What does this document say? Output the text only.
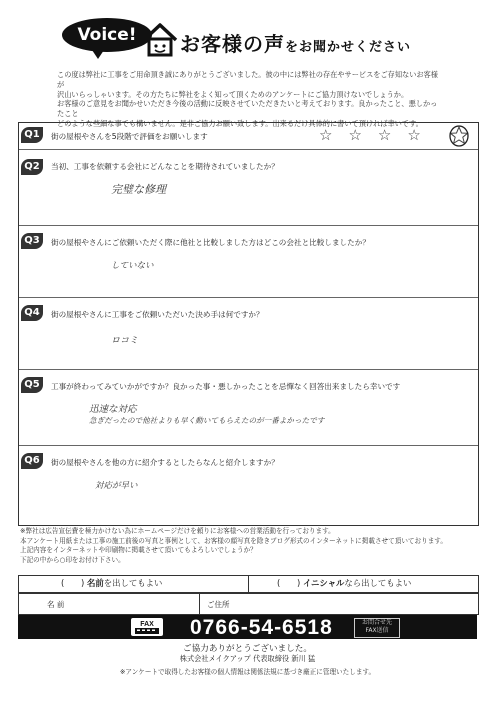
Voice!	お客様の声をお聞かせください
この度は弊社に工事をご用命頂き誠にありがとうございました。彼の中には弊社の存在やサービスをご存知ないお客様が
沢山いらっしゃいます。その方たちに弊社をよく知って頂くためのアンケートにご協力頂けないでしょうか。
お客様のご意見をお聞かせいただき今後の活動に反映させていただきたいと考えております。良かったこと、悪しかったこと
どのような些細な事でも構いません。是非ご協力お願い致します。出来るだけ具体的に書いて頂ければ幸いです。
Q1	街の屋根やさんを5段階で評価をお願いします	☆☆☆☆
Q2	当初、工事を依頼する会社にどんなことを期待されていましたか？
完璧な修理
Q3	街の屋根やさんにご依頼いただく際に他社と比較しました方はどこの会社と比較しましたか？
していない
Q4	街の屋根やさんに工事をご依頼いただいた決め手は何ですか？
ロコミ
Q5	工事が終わってみていかがですか？良かった事・悪しかったことを忌憚なく回答出来ましたら幸いです
迅速な対応
急ぎだったので他社よりも早く動いてもらえたのが一番よかったです
Q6	街の屋根やさんを他の方に紹介するとしたらなんと紹介しますか？
対応が早い
※弊社は広告宣伝費を極力かけない為にホームページだけを頼りにお客様への営業活動を行っております。
本アンケート用紙または工事の施工前後の写真と事例として、お客様の顔写真を除きブログ形式のインターネットに掲載させて頂いております。
上記内容をインターネットや印刷物に掲載させて頂いてもよろしいでしょうか？
下記の中から○印をお付け下さい。
(　　) 名前を出してもよい	(　　) イニシャルなら出してもよい
名 前	ご住所
FAX 0766-54-6518	お問合せ先
FAX送信
ご協力ありがとうございました。
株式会社メイクアップ 代表取締役 新川 猛
※アンケートで取得したお客様の個人情報は関係法規に基づき厳正に管理いたします。
